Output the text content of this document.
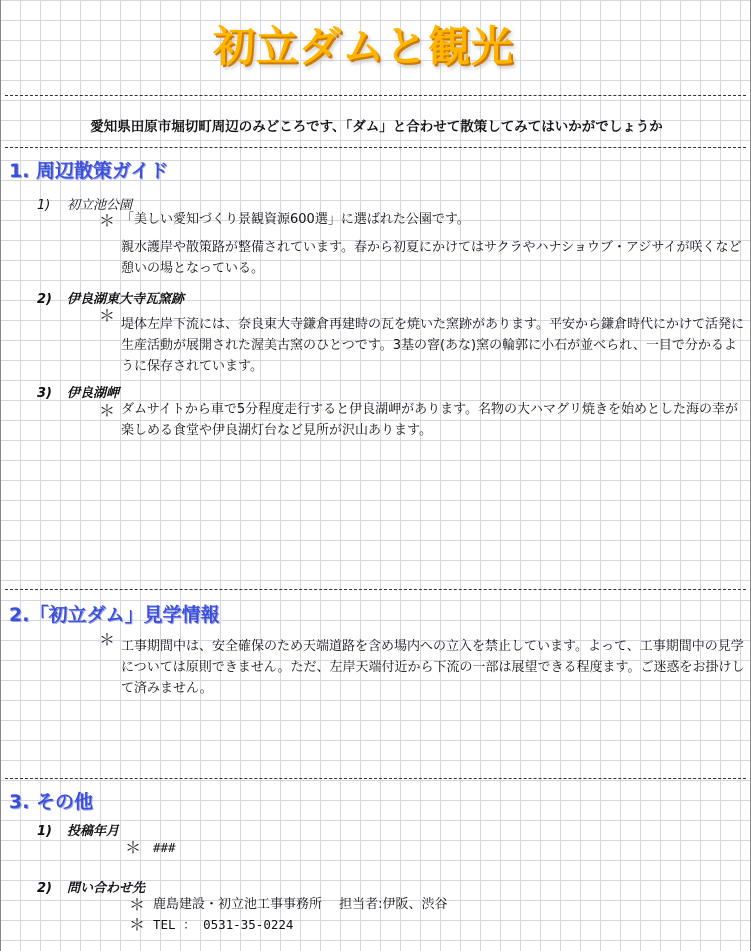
初立ダムと観光
愛知県田原市堀切町周辺のみどころです、「ダム」と合わせて散策してみてはいかがでしょうか
1. 周辺散策ガイド
1) 初立池公園
＊ 「美しい愛知づくり景観資源600選」に選ばれた公園です。
親水護岸や散策路が整備されています。春から初夏にかけてはサクラやハナショウブ・アジサイが咲くなど憩いの場となっている。
2) 伊良湖東大寺瓦窯跡
＊ 堤体左岸下流には、奈良東大寺鎌倉再建時の瓦を焼いた窯跡があります。平安から鎌倉時代にかけて活発に生産活動が展開された渥美古窯のひとつです。3基の窨(あな)窯の輪郭に小石が並べられ、一目で分かるように保存されています。
3) 伊良湖岬
＊ ダムサイトから車で5分程度走行すると伊良湖岬があります。名物の大ハマグリ焼きを始めとした海の幸が楽しめる食堂や伊良湖灯台など見所が沢山あります。
2.「初立ダム」見学情報
＊ 工事期間中は、安全確保のため天端道路を含め場内への立入を禁止しています。よって、工事期間中の見学については原則できません。ただ、左岸天端付近から下流の一部は展望できる程度ます。ご迷惑をお掛けして済みません。
3. その他
1) 投稿年月
＊ ###
2) 問い合わせ先
＊ 鹿島建設・初立池工事事務所　 担当者:伊阪、渋谷
＊ TEL ： 0531-35-0224
